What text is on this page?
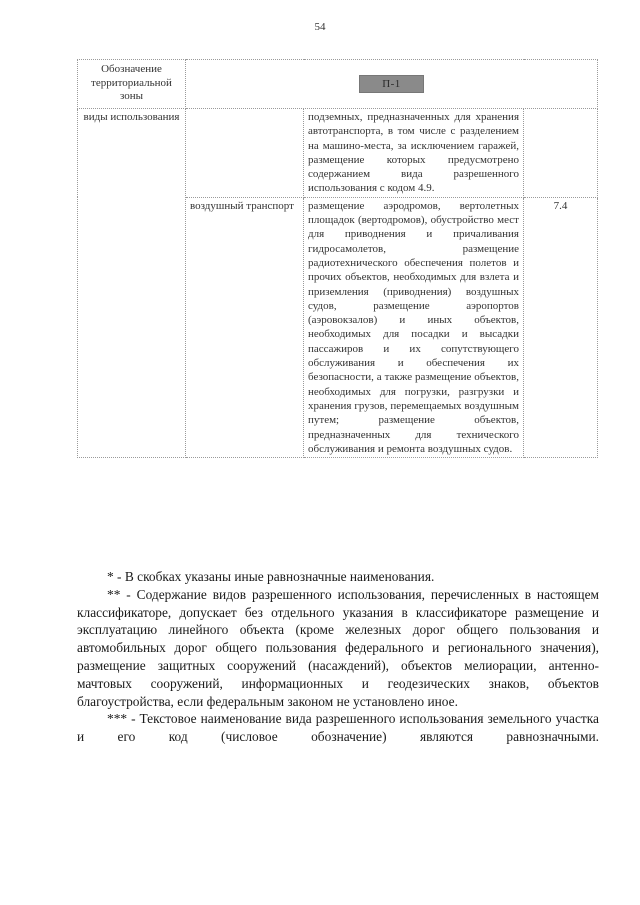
54
Обозначение территориальной зоны	П-1		
виды использования		подземных, предназначенных для хранения автотранспорта, в том числе с разделением на машино-места, за исключением гаражей, размещение которых предусмотрено содержанием вида разрешенного использования с кодом 4.9.	
	воздушный транспорт	размещение аэродромов, вертолетных площадок (вертодромов), обустройство мест для приводнения и причаливания гидросамолетов, размещение радиотехнического обеспечения полетов и прочих объектов, необходимых для взлета и приземления (приводнения) воздушных судов, размещение аэропортов (аэровокзалов) и иных объектов, необходимых для посадки и высадки пассажиров и их сопутствующего обслуживания и обеспечения их безопасности, а также размещение объектов, необходимых для погрузки, разгрузки и хранения грузов, перемещаемых воздушным путем; размещение объектов, предназначенных для технического обслуживания и ремонта воздушных судов.	7.4

* - В скобках указаны иные равнозначные наименования.

** - Содержание видов разрешенного использования, перечисленных в настоящем классификаторе, допускает без отдельного указания в классификаторе размещение и эксплуатацию линейного объекта (кроме железных дорог общего пользования и автомобильных дорог общего пользования федерального и регионального значения), размещение защитных сооружений (насаждений), объектов мелиорации, антенно-мачтовых сооружений, информационных и геодезических знаков, объектов благоустройства, если федеральным законом не установлено иное.

*** - Текстовое наименование вида разрешенного использования земельного участка и его код (числовое обозначение) являются равнозначными.
